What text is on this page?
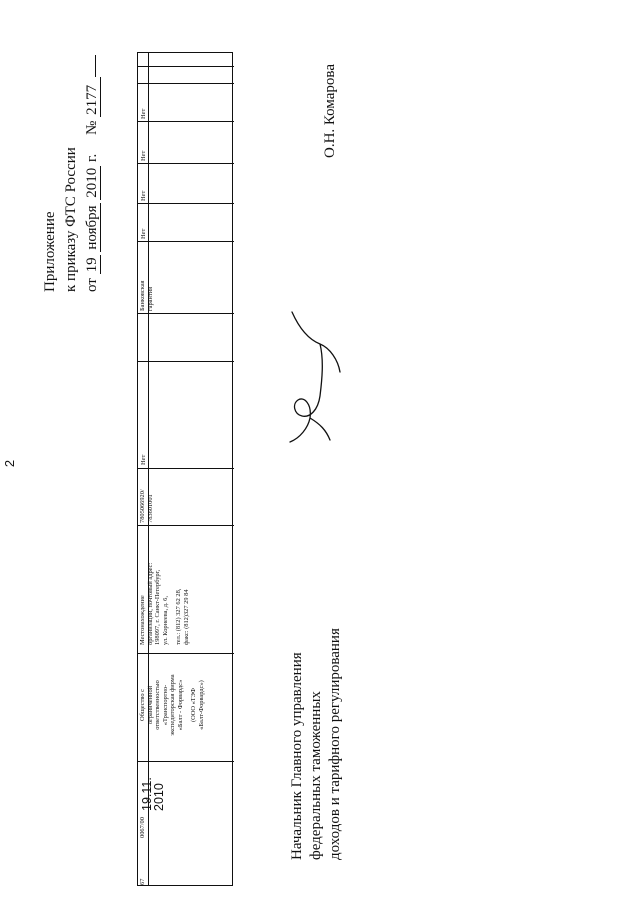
2
Приложение к приказу ФТС России от 19 ноября 2010 г.     № 2177
67
0067/00
19.11.
2010
Общество с ограниченной ответственностью «Транспортно- экспедиторская фирма «Балт - Форвардс» (ООО «ТЭФ «Балт-Форвардс»)
Местонахождение организации, почтовый адрес: 198097, г. Санкт-Петербург, ул. Корнеева, д. 6, тел.: (812) 327 62 28, факс: (812)327 29 84
7805066920/ 783601001
Нет
Банковская гарантия
Нет
Нет
Нет
Нет
Начальник Главного управления федеральных таможенных доходов и тарифного регулирования
О.Н. Комарова
